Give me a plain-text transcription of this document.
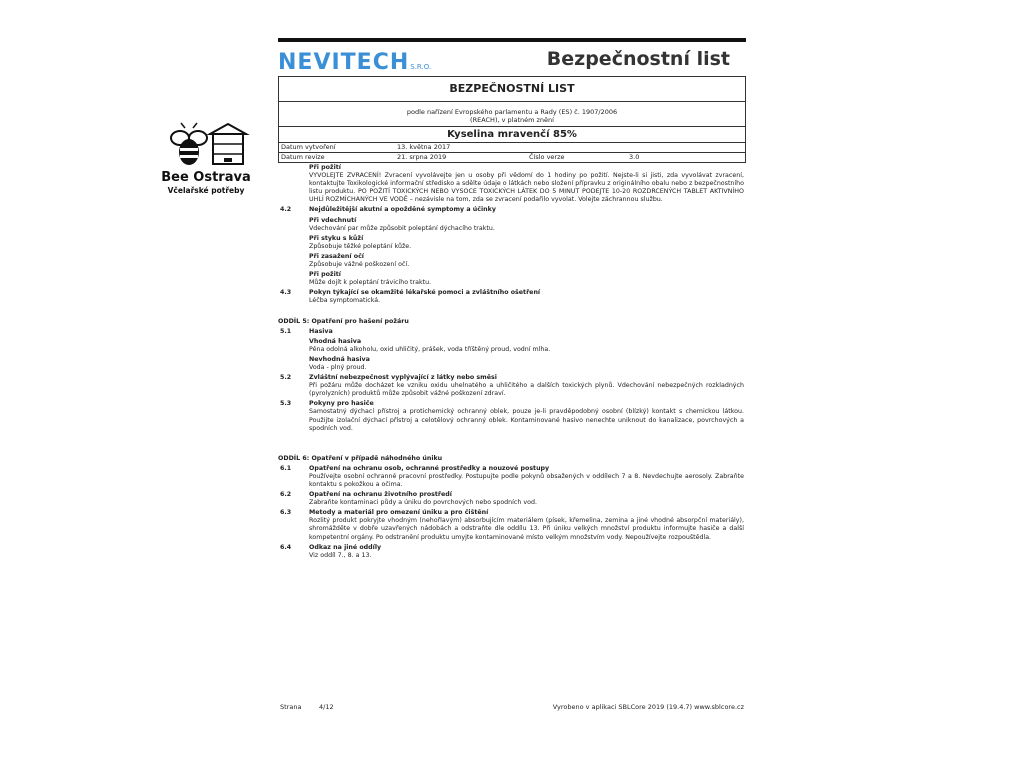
Bee Ostrava
Včelařské potřeby
NEVITECHS.R.O.	Bezpečnostní list
BEZPEČNOSTNÍ LIST
podle nařízení Evropského parlamentu a Rady (ES) č. 1907/2006
(REACH), v platném znění
Kyselina mravenčí 85%
Datum vytvoření	13. května 2017
Datum revize	21. srpna 2019	Číslo verze	3.0
Při požití
VYVOLEJTE ZVRACENÍ! Zvracení vyvolávejte jen u osoby při vědomí do 1 hodiny po požití. Nejste-li si jisti, zda vyvolávat zvracení, kontaktujte Toxikologické informační středisko a sdělte údaje o látkách nebo složení přípravku z originálního obalu nebo z bezpečnostního listu produktu. PO POŽITÍ TOXICKÝCH NEBO VYSOCE TOXICKÝCH LÁTEK DO 5 MINUT PODEJTE 10-20 ROZDRCENÝCH TABLET AKTIVNÍHO UHLÍ ROZMÍCHANÝCH VE VODĚ – nezávisle na tom, zda se zvracení podařilo vyvolat. Volejte záchrannou službu.
4.2	Nejdůležitější akutní a opožděné symptomy a účinky
Při vdechnutí
Vdechování par může způsobit poleptání dýchacího traktu.
Při styku s kůží
Způsobuje těžké poleptání kůže.
Při zasažení očí
Způsobuje vážné poškození očí.
Při požití
Může dojít k poleptání trávicího traktu.
4.3	Pokyn týkající se okamžité lékařské pomoci a zvláštního ošetření
Léčba symptomatická.
ODDÍL 5: Opatření pro hašení požáru
5.1	Hasiva
Vhodná hasiva
Pěna odolná alkoholu, oxid uhličitý, prášek, voda tříštěný proud, vodní mlha.
Nevhodná hasiva
Voda - plný proud.
5.2	Zvláštní nebezpečnost vyplývající z látky nebo směsi
Při požáru může docházet ke vzniku oxidu uhelnatého a uhličitého a dalších toxických plynů. Vdechování nebezpečných rozkladných (pyrolyzních) produktů může způsobit vážné poškození zdraví.
5.3	Pokyny pro hasiče
Samostatný dýchací přístroj a protichemický ochranný oblek, pouze je-li pravděpodobný osobní (blízký) kontakt s chemickou látkou. Použijte izolační dýchací přístroj a celotělový ochranný oblek. Kontaminované hasivo nenechte uniknout do kanalizace, povrchových a spodních vod.
ODDÍL 6: Opatření v případě náhodného úniku
6.1	Opatření na ochranu osob, ochranné prostředky a nouzové postupy
Používejte osobní ochranné pracovní prostředky. Postupujte podle pokynů obsažených v oddílech 7 a 8. Nevdechujte aerosoly. Zabraňte kontaktu s pokožkou a očima.
6.2	Opatření na ochranu životního prostředí
Zabraňte kontaminaci půdy a úniku do povrchových nebo spodních vod.
6.3	Metody a materiál pro omezení úniku a pro čištění
Rozlitý produkt pokryjte vhodným (nehořlavým) absorbujícím materiálem (písek, křemelina, zemina a jiné vhodné absorpční materiály), shromážděte v dobře uzavřených nádobách a odstraňte dle oddílu 13. Při úniku velkých množství produktu informujte hasiče a další kompetentní orgány. Po odstranění produktu umyjte kontaminované místo velkým množstvím vody. Nepoužívejte rozpouštědla.
6.4	Odkaz na jiné oddíly
Viz oddíl 7., 8. a 13.
Strana	4/12	Vyrobeno v aplikaci SBLCore 2019 (19.4.7) www.sblcore.cz
